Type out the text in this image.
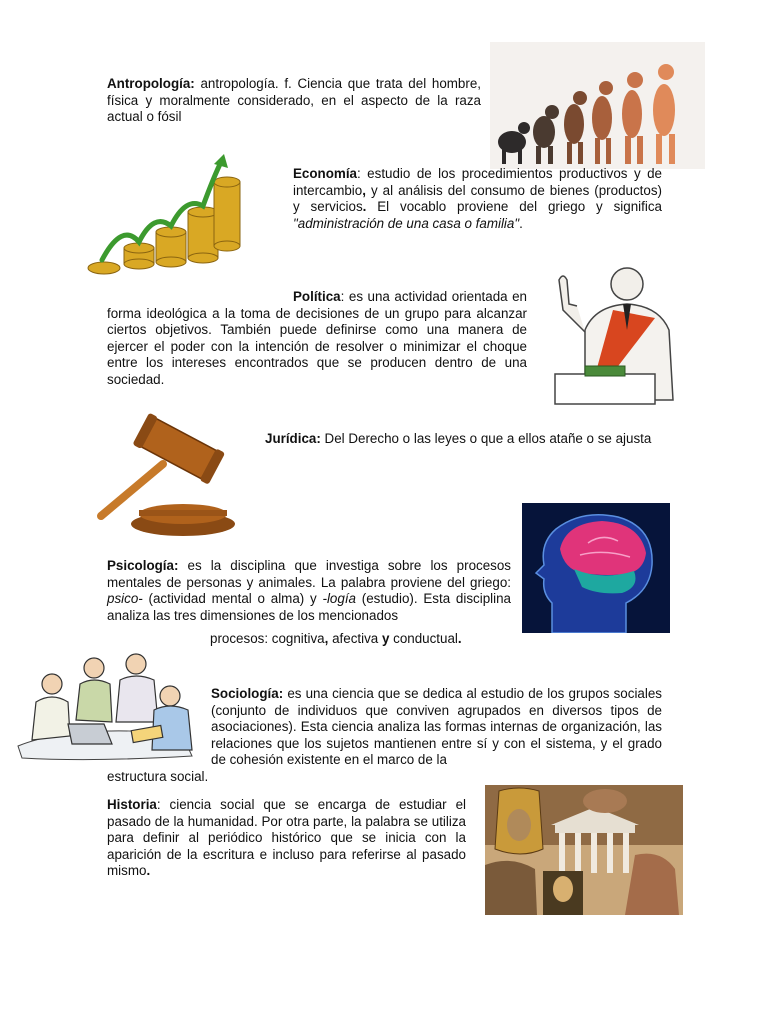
Antropología: antropología. f. Ciencia que trata del hombre, física y moralmente considerado, en el aspecto de la raza actual o fósil
Economía: estudio de los procedimientos productivos y de intercambio, y al análisis del consumo de bienes (productos) y servicios. El vocablo proviene del griego y significa "administración de una casa o familia".
Política: es una actividad orientada en forma ideológica a la toma de decisiones de un grupo para alcanzar ciertos objetivos. También puede definirse como una manera de ejercer el poder con la intención de resolver o minimizar el choque entre los intereses encontrados que se producen dentro de una sociedad.
Jurídica: Del Derecho o las leyes o que a ellos atañe o se ajusta
Psicología: es la disciplina que investiga sobre los procesos mentales de personas y animales. La palabra proviene del griego: psico- (actividad mental o alma) y -logía (estudio). Esta disciplina analiza las tres dimensiones de los mencionados
procesos: cognitiva, afectiva y conductual.
Sociología: es una ciencia que se dedica al estudio de los grupos sociales (conjunto de individuos que conviven agrupados en diversos tipos de asociaciones). Esta ciencia analiza las formas internas de organización, las relaciones que los sujetos mantienen entre sí y con el sistema, y el grado de cohesión existente en el marco de la
estructura social.
Historia: ciencia social que se encarga de estudiar el pasado de la humanidad. Por otra parte, la palabra se utiliza para definir al periódico histórico que se inicia con la aparición de la escritura e incluso para referirse al pasado mismo.
